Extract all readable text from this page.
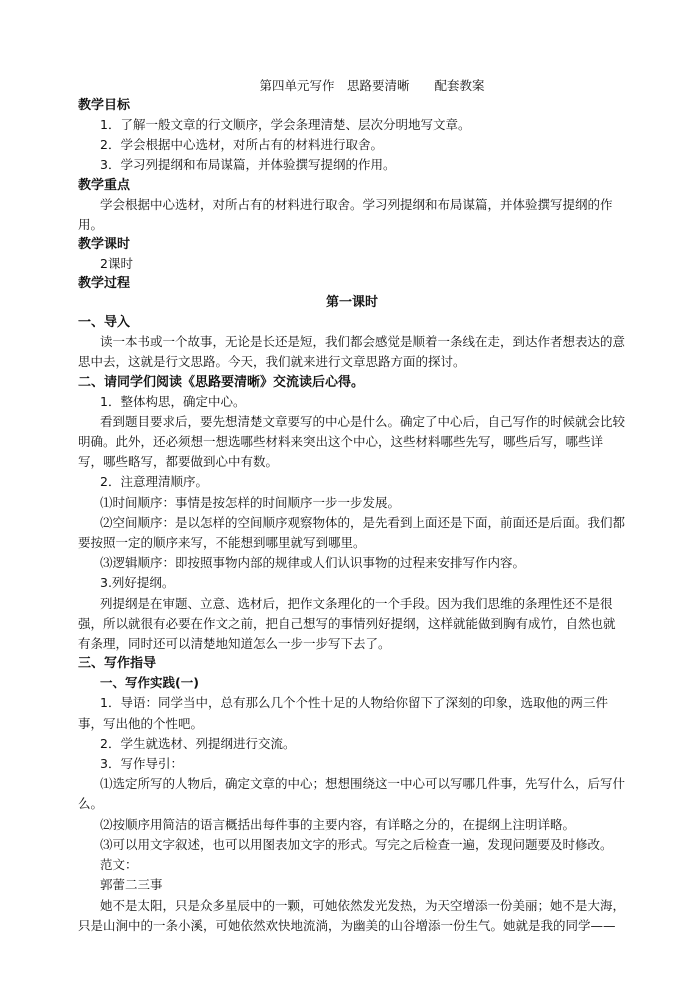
第四单元写作　思路要清晰　　配套教案
教学目标
1．了解一般文章的行文顺序，学会条理清楚、层次分明地写文章。
2．学会根据中心选材，对所占有的材料进行取舍。
3．学习列提纲和布局谋篇，并体验撰写提纲的作用。
教学重点
学会根据中心选材，对所占有的材料进行取舍。学习列提纲和布局谋篇，并体验撰写提纲的作用。
教学课时
2课时
教学过程
第一课时
一、导入
读一本书或一个故事，无论是长还是短，我们都会感觉是顺着一条线在走，到达作者想表达的意思中去，这就是行文思路。今天，我们就来进行文章思路方面的探讨。
二、请同学们阅读《思路要清晰》交流读后心得。
1．整体构思，确定中心。
看到题目要求后，要先想清楚文章要写的中心是什么。确定了中心后，自己写作的时候就会比较明确。此外，还必须想一想选哪些材料来突出这个中心，这些材料哪些先写，哪些后写，哪些详写，哪些略写，都要做到心中有数。
2．注意理清顺序。
⑴时间顺序：事情是按怎样的时间顺序一步一步发展。
⑵空间顺序：是以怎样的空间顺序观察物体的，是先看到上面还是下面，前面还是后面。我们都要按照一定的顺序来写，不能想到哪里就写到哪里。
⑶逻辑顺序：即按照事物内部的规律或人们认识事物的过程来安排写作内容。
3.列好提纲。
列提纲是在审题、立意、选材后，把作文条理化的一个手段。因为我们思维的条理性还不是很强，所以就很有必要在作文之前，把自己想写的事情列好提纲，这样就能做到胸有成竹，自然也就有条理，同时还可以清楚地知道怎么一步一步写下去了。
三、写作指导
一、写作实践(一)
1．导语：同学当中，总有那么几个个性十足的人物给你留下了深刻的印象，选取他的两三件事，写出他的个性吧。
2．学生就选材、列提纲进行交流。
3．写作导引：
⑴选定所写的人物后，确定文章的中心；想想围绕这一中心可以写哪几件事，先写什么，后写什么。
⑵按顺序用简洁的语言概括出每件事的主要内容，有详略之分的，在提纲上注明详略。
⑶可以用文字叙述，也可以用图表加文字的形式。写完之后检查一遍，发现问题要及时修改。
范文：
郭蕾二三事
她不是太阳，只是众多星辰中的一颗，可她依然发光发热，为天空增添一份美丽；她不是大海，只是山涧中的一条小溪，可她依然欢快地流淌，为幽美的山谷增添一份生气。她就是我的同学——
